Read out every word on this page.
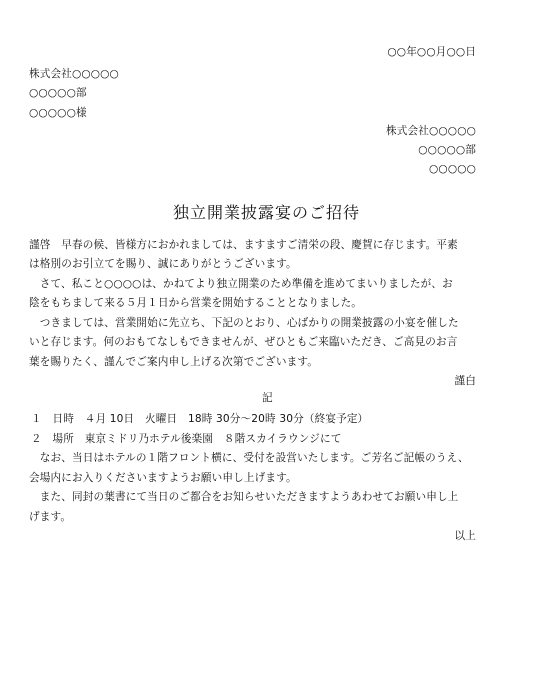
○○年○○月○○日
株式会社○○○○○
○○○○○部
○○○○○様
株式会社○○○○○
○○○○○部
○○○○○
独立開業披露宴のご招待
謹啓　早春の候、皆様方におかれましては、ますますご清栄の段、慶賀に存じます。平素
は格別のお引立てを賜り、誠にありがとうございます。
　さて、私こと○○○○は、かねてより独立開業のため準備を進めてまいりましたが、お
陰をもちまして来る５月１日から営業を開始することとなりました。
　つきましては、営業開始に先立ち、下記のとおり、心ばかりの開業披露の小宴を催した
いと存じます。何のおもてなしもできませんが、ぜひともご来臨いただき、ご高見のお言
葉を賜りたく、謹んでご案内申し上げる次第でございます。
謹白
記
１　日時　４月 10日　火曜日　18時 30分～20時 30分（終宴予定）
２　場所　東京ミドリ乃ホテル後楽園　８階スカイラウンジにて
　なお、当日はホテルの１階フロント横に、受付を設営いたします。ご芳名ご記帳のうえ、
会場内にお入りくださいますようお願い申し上げます。
　また、同封の葉書にて当日のご都合をお知らせいただきますようあわせてお願い申し上
げます。
以上
